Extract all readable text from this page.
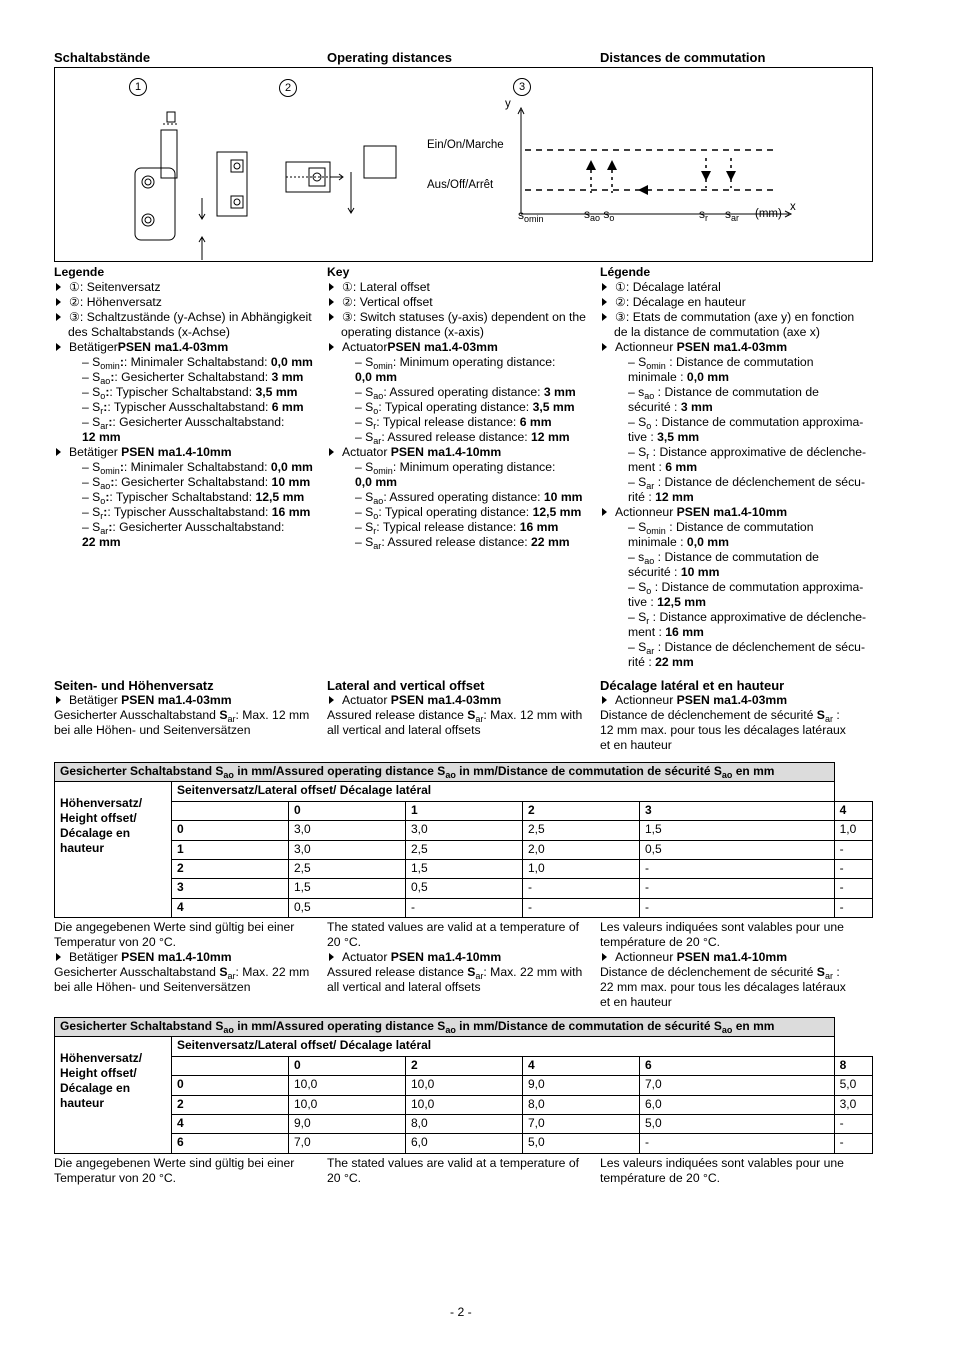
Schaltabstände	Operating distances	Distances de commutation
1	2	3
Ein/On/Marche
Aus/Off/Arrêt
y
x
$s_{omin}$	$s_{ao}$ $s_o$	$s_r$ $s_{ar}$ (mm)
Legende
①: Seitenversatz
②: Höhenversatz
③: Schaltzustände (y-Achse) in Abhängigkeit
des Schaltabstands (x-Achse)
BetätigerPSEN ma1.4-03mm
– $S_{omin}$:: Minimaler Schaltabstand: 0,0 mm
– $S_{ao}$:: Gesicherter Schaltabstand: 3 mm
– $S_o$:: Typischer Schaltabstand: 3,5 mm
– $S_r$:: Typischer Ausschaltabstand: 6 mm
– $S_{ar}$:: Gesicherter Ausschaltabstand:
12 mm
Betätiger PSEN ma1.4-10mm
– $S_{omin}$:: Minimaler Schaltabstand: 0,0 mm
– $S_{ao}$:: Gesicherter Schaltabstand: 10 mm
– $S_o$:: Typischer Schaltabstand: 12,5 mm
– $S_r$:: Typischer Ausschaltabstand: 16 mm
– $S_{ar}$:: Gesicherter Ausschaltabstand:
22 mm
Key
①: Lateral offset
②: Vertical offset
③: Switch statuses (y-axis) dependent on the
operating distance (x-axis)
ActuatorPSEN ma1.4-03mm
– $S_{omin}$: Minimum operating distance:
0,0 mm
– $S_{ao}$: Assured operating distance: 3 mm
– $S_o$: Typical operating distance: 3,5 mm
– $S_r$: Typical release distance: 6 mm
– $S_{ar}$: Assured release distance: 12 mm
Actuator PSEN ma1.4-10mm
– $S_{omin}$: Minimum operating distance:
0,0 mm
– $S_{ao}$: Assured operating distance: 10 mm
– $S_o$: Typical operating distance: 12,5 mm
– $S_r$: Typical release distance: 16 mm
– $S_{ar}$: Assured release distance: 22 mm
Légende
①: Décalage latéral
②: Décalage en hauteur
③: Etats de commutation (axe y) en fonction
de la distance de commutation (axe x)
Actionneur PSEN ma1.4-03mm
– $S_{omin}$ : Distance de commutation
minimale : 0,0 mm
– $s_{ao}$ : Distance de commutation de
sécurité : 3 mm
– $S_o$ : Distance de commutation approxima-
tive : 3,5 mm
– $S_r$ : Distance approximative de déclenche-
ment : 6 mm
– $S_{ar}$ : Distance de déclenchement de sécu-
rité : 12 mm
Actionneur PSEN ma1.4-10mm
– $S_{omin}$ : Distance de commutation
minimale : 0,0 mm
– $s_{ao}$ : Distance de commutation de
sécurité : 10 mm
– $S_o$ : Distance de commutation approxima-
tive : 12,5 mm
– $S_r$ : Distance approximative de déclenche-
ment : 16 mm
– $S_{ar}$ : Distance de déclenchement de sécu-
rité : 22 mm
Seiten- und Höhenversatz
Betätiger PSEN ma1.4-03mm
Gesicherter Ausschaltabstand $S_{ar}$: Max. 12 mm
bei alle Höhen- und Seitenversätzen
Lateral and vertical offset
Actuator PSEN ma1.4-03mm
Assured release distance $S_{ar}$: Max. 12 mm with
all vertical and lateral offsets
Décalage latéral et en hauteur
Actionneur PSEN ma1.4-03mm
Distance de déclenchement de sécurité $S_{ar}$ :
12 mm max. pour tous les décalages latéraux
et en hauteur
Gesicherter Schaltabstand $S_{ao}$ in mm/Assured operating distance $S_{ao}$ in mm/Distance de commutation de sécurité $S_{ao}$ en mm						
Höhenversatz/
Height offset/
Décalage en
hauteur	Seitenversatz/Lateral offset/ Décalage latéral					
		0	1	2	3	4
	0	3,0	3,0	2,5	1,5	1,0
	1	3,0	2,5	2,0	0,5	-
	2	2,5	1,5	1,0	-	-
	3	1,5	0,5	-	-	-
	4	0,5	-	-	-	-
Die angegebenen Werte sind gültig bei einer
Temperatur von 20 °C.
Betätiger PSEN ma1.4-10mm
Gesicherter Ausschaltabstand $S_{ar}$: Max. 22 mm
bei alle Höhen- und Seitenversätzen
The stated values are valid at a temperature of
20 °C.
Actuator PSEN ma1.4-10mm
Assured release distance $S_{ar}$: Max. 22 mm with
all vertical and lateral offsets
Les valeurs indiquées sont valables pour une
température de 20 °C.
Actionneur PSEN ma1.4-10mm
Distance de déclenchement de sécurité $S_{ar}$ :
22 mm max. pour tous les décalages latéraux
et en hauteur
Gesicherter Schaltabstand $S_{ao}$ in mm/Assured operating distance $S_{ao}$ in mm/Distance de commutation de sécurité $S_{ao}$ en mm						
Höhenversatz/
Height offset/
Décalage en
hauteur	Seitenversatz/Lateral offset/ Décalage latéral					
		0	2	4	6	8
	0	10,0	10,0	9,0	7,0	5,0
	2	10,0	10,0	8,0	6,0	3,0
	4	9,0	8,0	7,0	5,0	-
	6	7,0	6,0	5,0	-	-
Die angegebenen Werte sind gültig bei einer
Temperatur von 20 °C.
The stated values are valid at a temperature of
20 °C.
Les valeurs indiquées sont valables pour une
température de 20 °C.
- 2 -
